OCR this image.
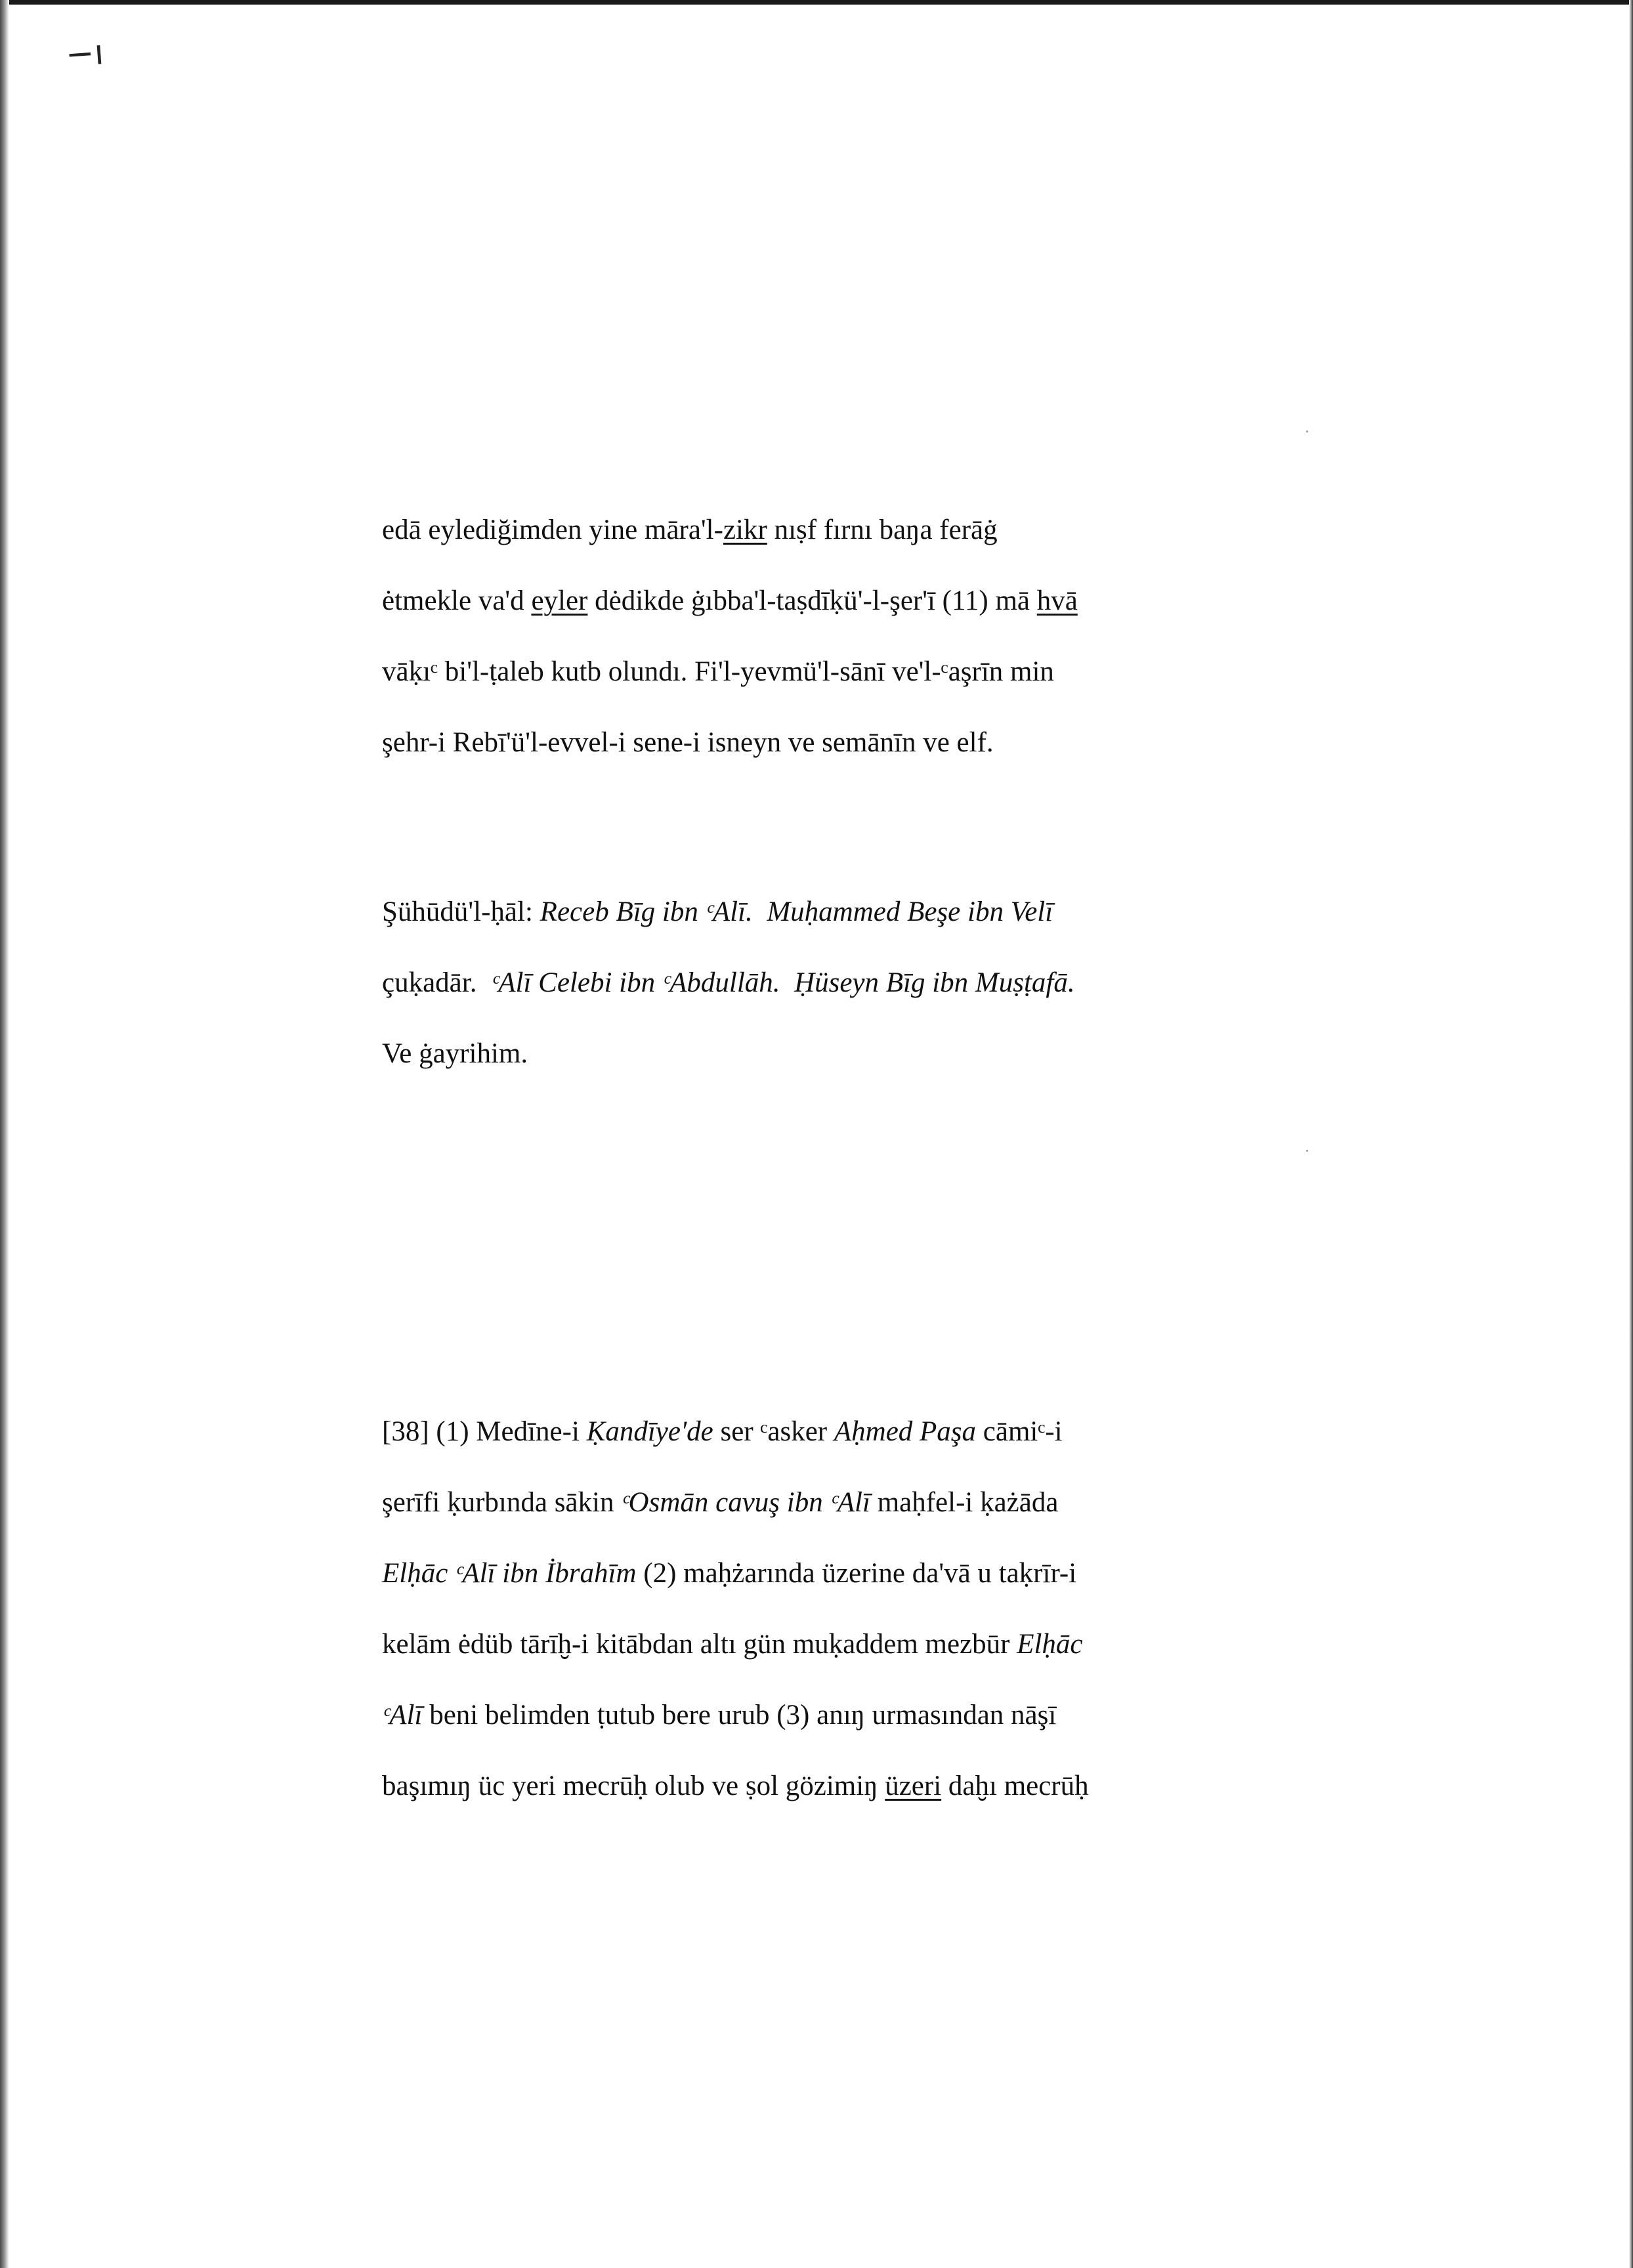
−ı

edā eylediğimden yine māra'l-zikr nıṣf fırnı baŋa ferāġ

ėtmekle va'd eyler dėdikde ġıbba'l-taṣdīḳü'-l-şer'ī (11) mā hvā

vāḳıᶜ bi'l-ṭaleb kutb olundı. Fi'l-yevmü'l-sānī ve'l-ᶜaşrīn min

şehr-i Rebī'ü'l-evvel-i sene-i isneyn ve semānīn ve elf.

Şühūdü'l-ḥāl: Receb Bīg ibn ᶜAlī. Muḥammed Beşe ibn Velī

çuḳadār.  ᶜAlī Celebi ibn ᶜAbdullāh. Ḥüseyn Bīg ibn Muṣṭafā.

Ve ġayrihim.

[38] (1) Medīne-i Ḳandīye'de ser ᶜasker Aḥmed Paşa cāmiᶜ-i

şerīfi ḳurbında sākin ᶜOsmān cavuş ibn ᶜAlī maḥfel-i ḳażāda

Elḥāc ᶜAlī ibn İbrahīm (2) maḥżarında üzerine da'vā u taḳrīr-i

kelām ėdüb tārīḫ-i kitābdan altı gün muḳaddem mezbūr Elḥāc

ᶜAlī beni belimden ṭutub bere urub (3) anıŋ urmasından nāşī

başımıŋ üc yeri mecrūḥ olub ve ṣol gözimiŋ üzeri daḫı mecrūḥ
